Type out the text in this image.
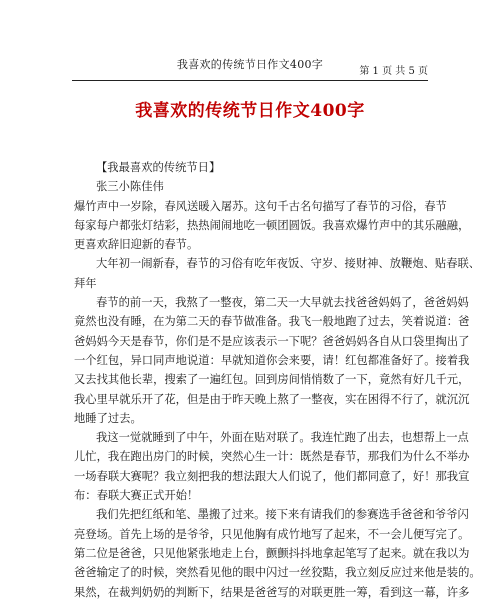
我喜欢的传统节日作文400字
第 1 页 共 5 页
我喜欢的传统节日作文400字
【我最喜欢的传统节日】
张三小陈佳伟
爆竹声中一岁除，春风送暖入屠苏。这句千古名句描写了春节的习俗，春节
每家每户都张灯结彩，热热闹闹地吃一顿团圆饭。我喜欢爆竹声中的其乐融融，
更喜欢辞旧迎新的春节。
大年初一闹新春，春节的习俗有吃年夜饭、守岁、接财神、放鞭炮、贴春联、
拜年
春节的前一天，我熬了一整夜，第二天一大早就去找爸爸妈妈了，爸爸妈妈
竟然也没有睡，在为第二天的春节做准备。我飞一般地跑了过去，笑着说道：爸
爸妈妈今天是春节，你们是不是应该表示一下呢？爸爸妈妈各自从口袋里掏出了
一个红包，异口同声地说道：早就知道你会来要，请！红包都准备好了。接着我
又去找其他长辈，搜索了一遍红包。回到房间悄悄数了一下，竟然有好几千元，
我心里早就乐开了花，但是由于昨天晚上熬了一整夜，实在困得不行了，就沉沉
地睡了过去。
我这一觉就睡到了中午，外面在贴对联了。我连忙跑了出去，也想帮上一点
儿忙，我在跑出房门的时候，突然心生一计：既然是春节，那我们为什么不举办
一场春联大赛呢？我立刻把我的想法跟大人们说了，他们都同意了，好！那我宣
布：春联大赛正式开始！
我们先把红纸和笔、墨搬了过来。接下来有请我们的参赛选手爸爸和爷爷闪
亮登场。首先上场的是爷爷，只见他胸有成竹地写了起来，不一会儿便写完了。
第二位是爸爸，只见他紧张地走上台，颤颤抖抖地拿起笔写了起来。就在我以为
爸爸输定了的时候，突然看见他的眼中闪过一丝狡黠，我立刻反应过来他是装的。
果然，在裁判奶奶的判断下，结果是爸爸写的对联更胜一筹，看到这一幕，许多
